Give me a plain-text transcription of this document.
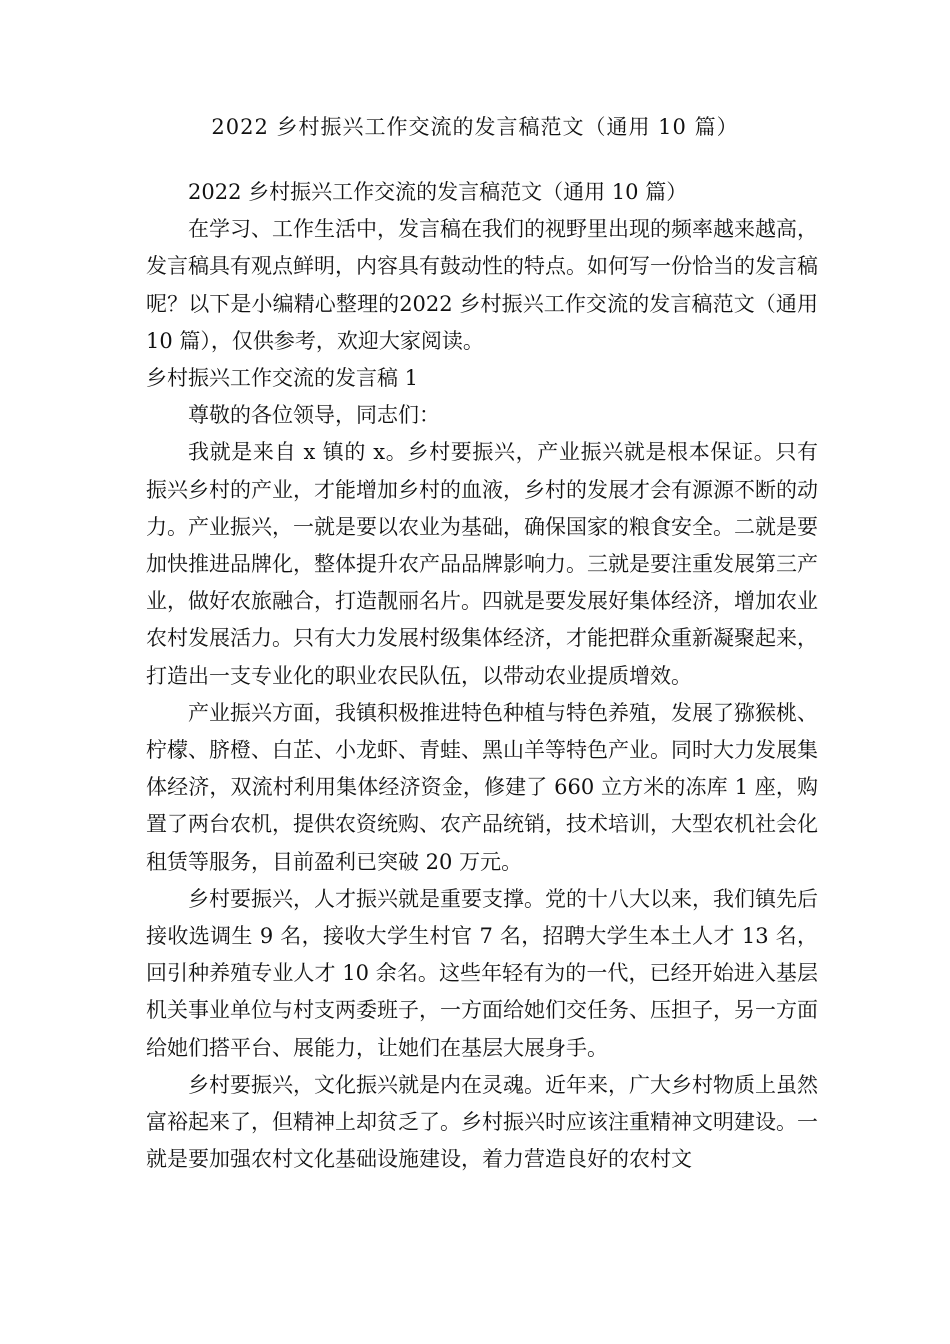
2022 乡村振兴工作交流的发言稿范文（通用 10 篇）

2022 乡村振兴工作交流的发言稿范文（通用 10 篇）

在学习、工作生活中，发言稿在我们的视野里出现的频率越来越高，发言稿具有观点鲜明，内容具有鼓动性的特点。如何写一份恰当的发言稿呢？以下是小编精心整理的2022 乡村振兴工作交流的发言稿范文（通用 10 篇），仅供参考，欢迎大家阅读。

乡村振兴工作交流的发言稿 1

尊敬的各位领导，同志们：

我就是来自 x 镇的 x。乡村要振兴，产业振兴就是根本保证。只有振兴乡村的产业，才能增加乡村的血液，乡村的发展才会有源源不断的动力。产业振兴，一就是要以农业为基础，确保国家的粮食安全。二就是要加快推进品牌化，整体提升农产品品牌影响力。三就是要注重发展第三产业，做好农旅融合，打造靓丽名片。四就是要发展好集体经济，增加农业农村发展活力。只有大力发展村级集体经济，才能把群众重新凝聚起来，打造出一支专业化的职业农民队伍，以带动农业提质增效。

产业振兴方面，我镇积极推进特色种植与特色养殖，发展了猕猴桃、柠檬、脐橙、白芷、小龙虾、青蛙、黑山羊等特色产业。同时大力发展集体经济，双流村利用集体经济资金，修建了 660 立方米的冻库 1 座，购置了两台农机，提供农资统购、农产品统销，技术培训，大型农机社会化租赁等服务，目前盈利已突破 20 万元。

乡村要振兴，人才振兴就是重要支撑。党的十八大以来，我们镇先后接收选调生 9 名，接收大学生村官 7 名，招聘大学生本土人才 13 名，回引种养殖专业人才 10 余名。这些年轻有为的一代，已经开始进入基层机关事业单位与村支两委班子，一方面给她们交任务、压担子，另一方面给她们搭平台、展能力，让她们在基层大展身手。

乡村要振兴，文化振兴就是内在灵魂。近年来，广大乡村物质上虽然富裕起来了，但精神上却贫乏了。乡村振兴时应该注重精神文明建设。一就是要加强农村文化基础设施建设，着力营造良好的农村文
